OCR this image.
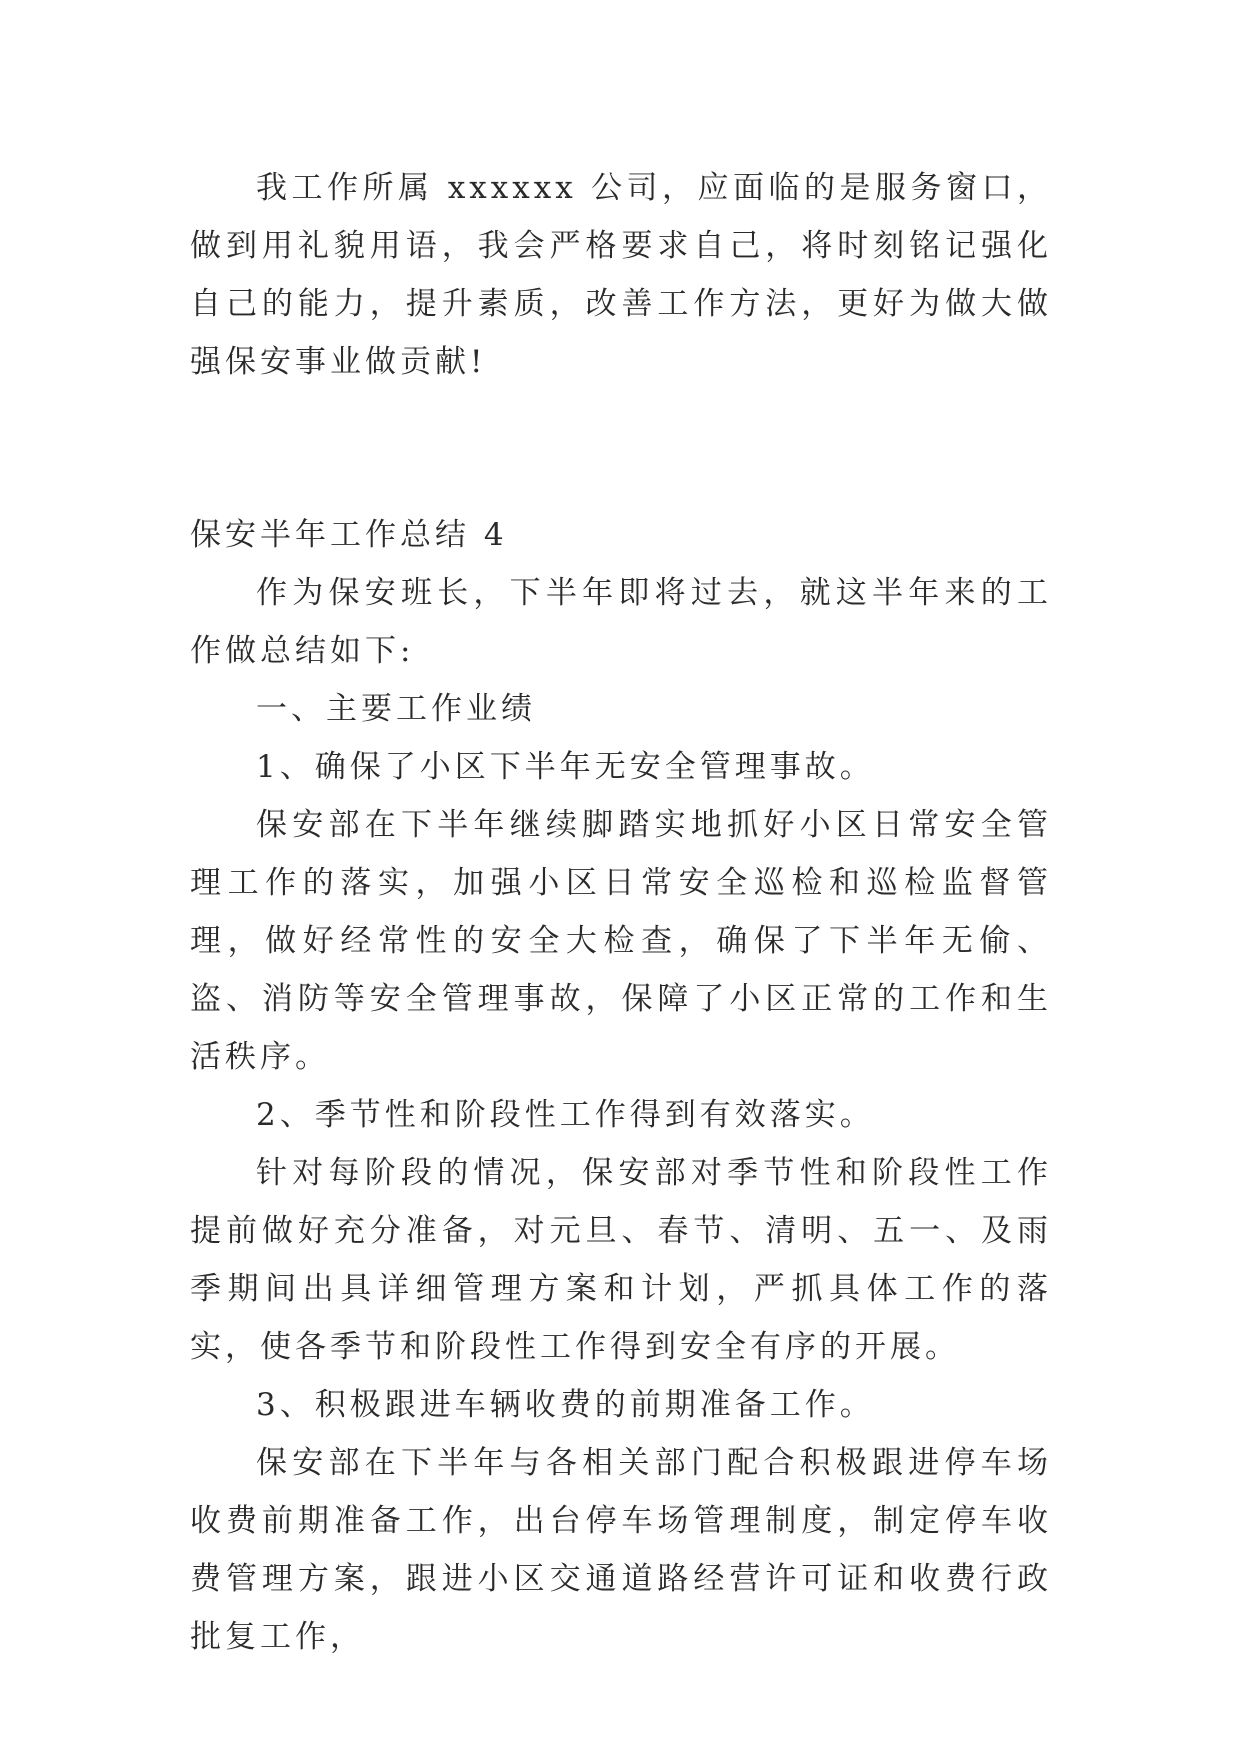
我工作所属 xxxxxx 公司，应面临的是服务窗口，做到用礼貌用语，我会严格要求自己，将时刻铭记强化自己的能力，提升素质，改善工作方法，更好为做大做强保安事业做贡献!

保安半年工作总结 4

作为保安班长，下半年即将过去，就这半年来的工作做总结如下:

一、主要工作业绩

1、确保了小区下半年无安全管理事故。

保安部在下半年继续脚踏实地抓好小区日常安全管理工作的落实，加强小区日常安全巡检和巡检监督管理，做好经常性的安全大检查，确保了下半年无偷、盗、消防等安全管理事故，保障了小区正常的工作和生活秩序。

2、季节性和阶段性工作得到有效落实。

针对每阶段的情况，保安部对季节性和阶段性工作提前做好充分准备，对元旦、春节、清明、五一、及雨季期间出具详细管理方案和计划，严抓具体工作的落实，使各季节和阶段性工作得到安全有序的开展。

3、积极跟进车辆收费的前期准备工作。

保安部在下半年与各相关部门配合积极跟进停车场收费前期准备工作，出台停车场管理制度，制定停车收费管理方案，跟进小区交通道路经营许可证和收费行政批复工作，
